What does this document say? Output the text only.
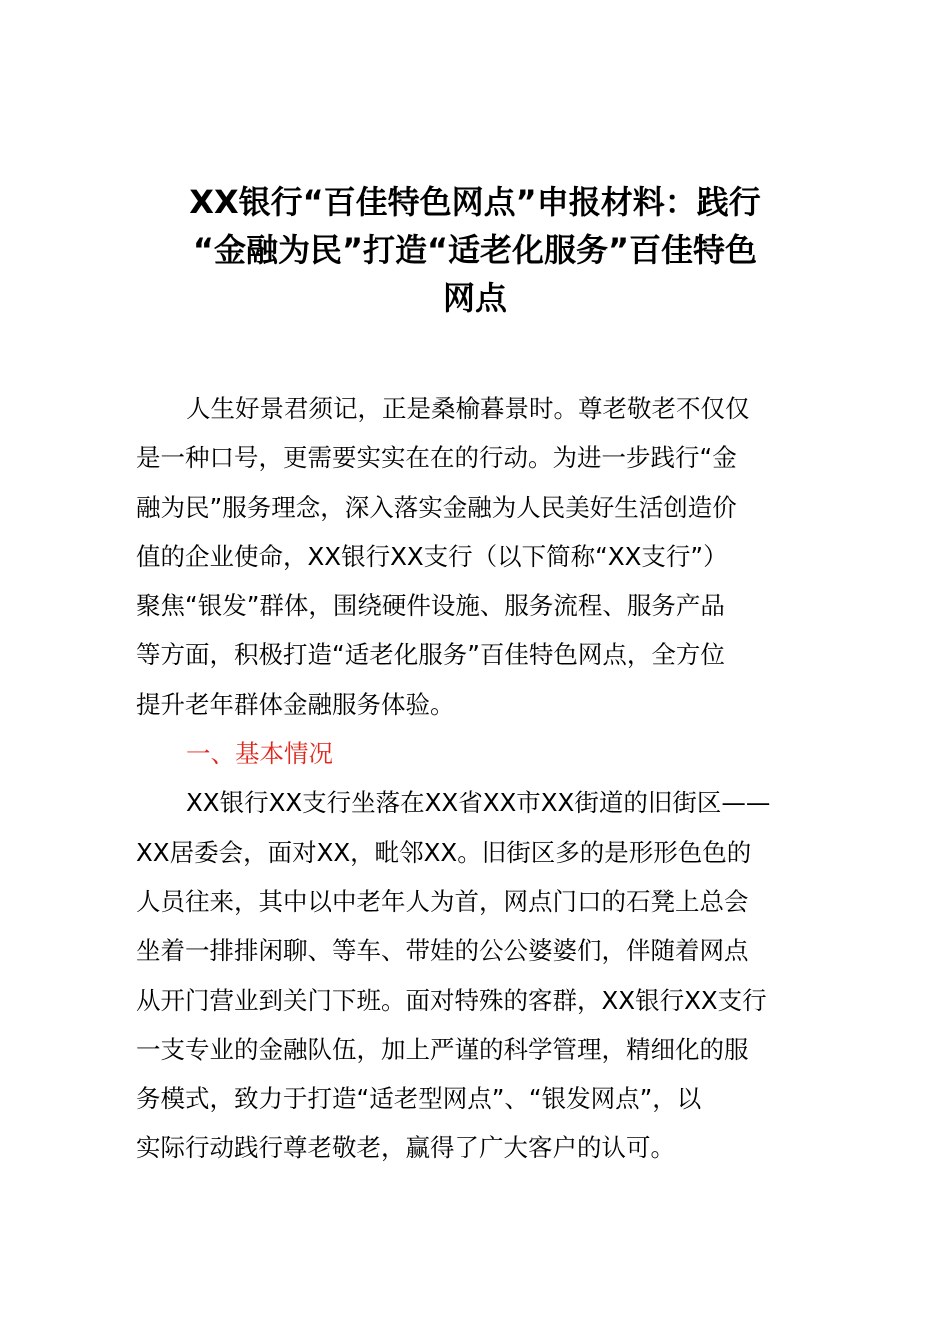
XX银行“百佳特色网点”申报材料：践行
“金融为民”打造“适老化服务”百佳特色
网点
人生好景君须记，正是桑榆暮景时。尊老敬老不仅仅
是一种口号，更需要实实在在的行动。为进一步践行“金
融为民”服务理念，深入落实金融为人民美好生活创造价
值的企业使命，XX银行XX支行（以下简称“XX支行”）
聚焦“银发”群体，围绕硬件设施、服务流程、服务产品
等方面，积极打造“适老化服务”百佳特色网点，全方位
提升老年群体金融服务体验。
一、基本情况
XX银行XX支行坐落在XX省XX市XX街道的旧街区——
XX居委会，面对XX，毗邻XX。旧街区多的是形形色色的
人员往来，其中以中老年人为首，网点门口的石凳上总会
坐着一排排闲聊、等车、带娃的公公婆婆们，伴随着网点
从开门营业到关门下班。面对特殊的客群，XX银行XX支行
一支专业的金融队伍，加上严谨的科学管理，精细化的服
务模式，致力于打造“适老型网点”、“银发网点”，以
实际行动践行尊老敬老，赢得了广大客户的认可。
